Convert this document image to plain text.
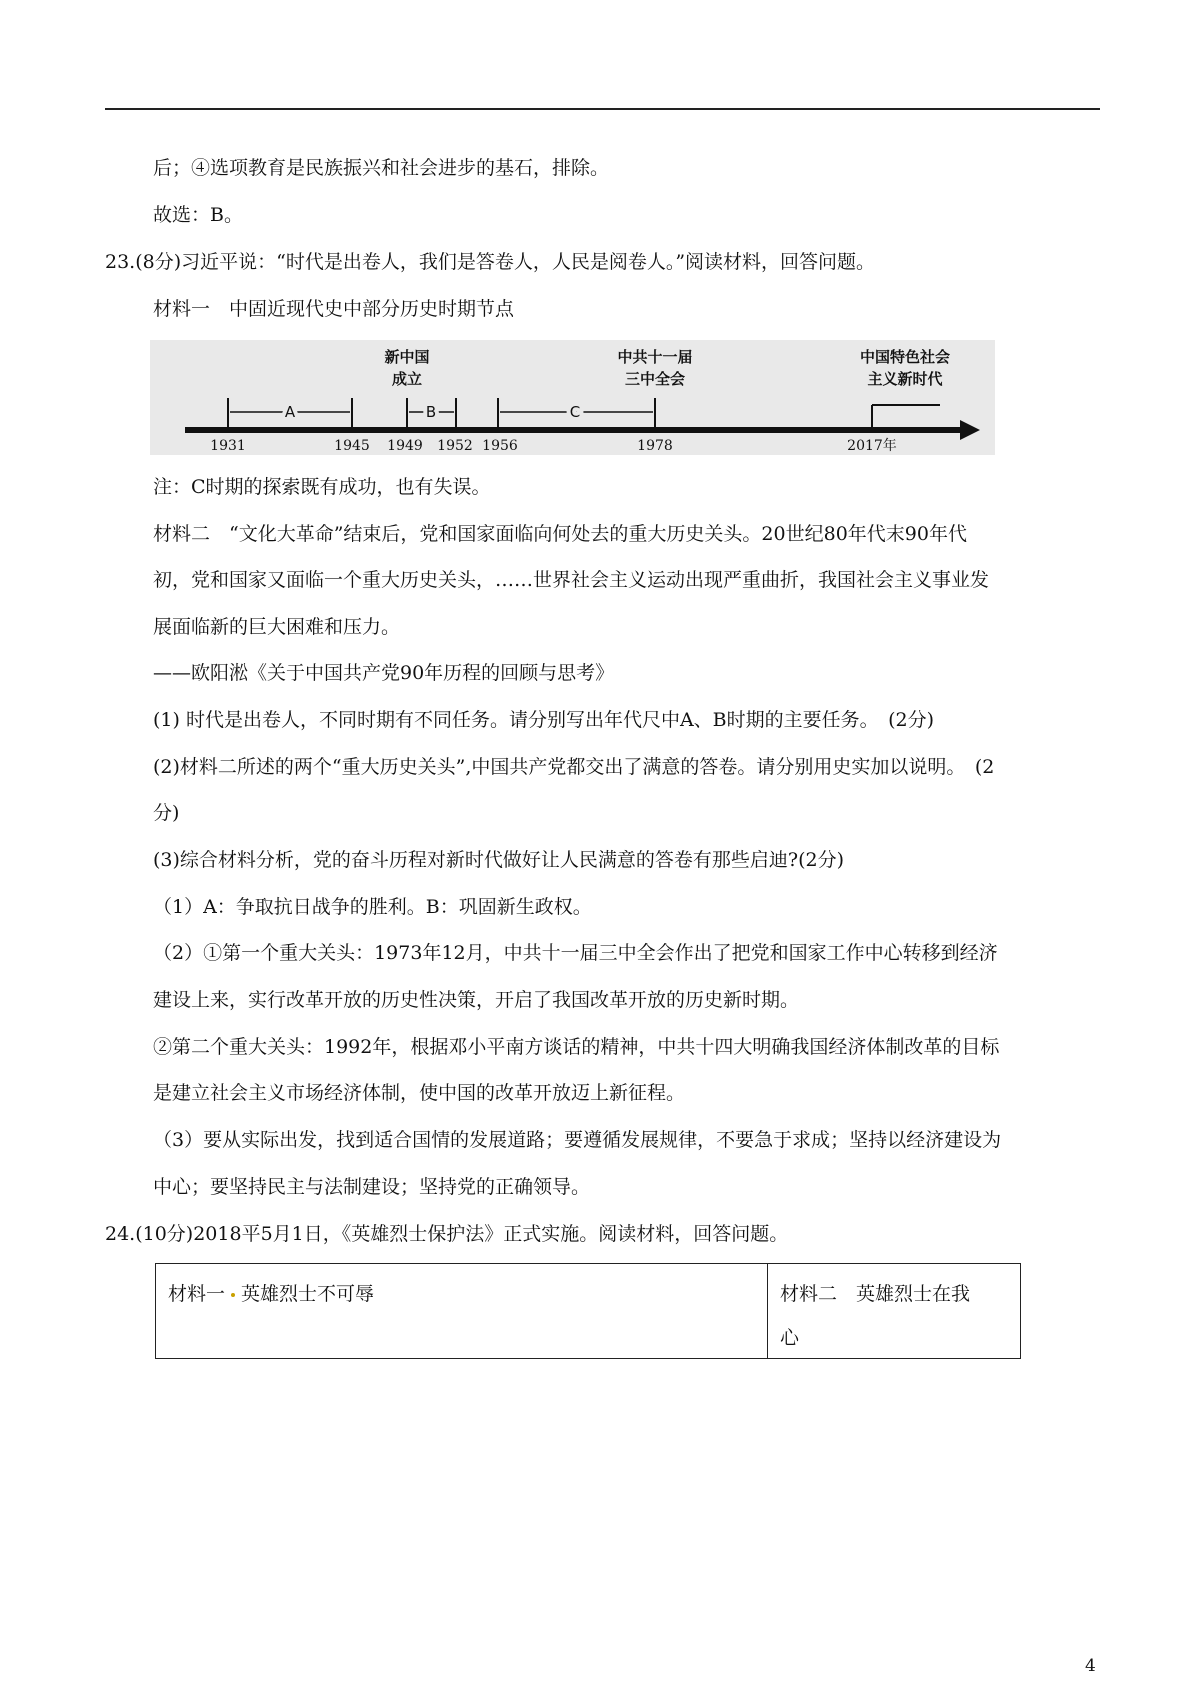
后；④选项教育是民族振兴和社会进步的基石，排除。
故选：B。
23.(8分)习近平说：“时代是出卷人，我们是答卷人，人民是阅卷人。”阅读材料，回答问题。
材料一　中固近现代史中部分历史时期节点
A	B	C
新中国
成立
中共十一届
三中全会
中国特色社会
主义新时代
1931	1945 1949 1952 1956	1978	2017年
注：C时期的探索既有成功，也有失误。
材料二　“文化大革命”结束后，党和国家面临向何处去的重大历史关头。20世纪80年代末90年代
初，党和国家又面临一个重大历史关头，……世界社会主义运动出现严重曲折，我国社会主义事业发
展面临新的巨大困难和压力。
——欧阳淞《关于中国共产党90年历程的回顾与思考》
(1) 时代是出卷人，不同时期有不同任务。请分别写出年代尺中A、B时期的主要任务。　(2分)
(2)材料二所述的两个“重大历史关头”,中国共产党都交出了满意的答卷。请分别用史实加以说明。　(2
分)
(3)综合材料分析，党的奋斗历程对新时代做好让人民满意的答卷有那些启迪?(2分)
（1）A：争取抗日战争的胜利。B：巩固新生政权。
（2）①第一个重大关头：1973年12月，中共十一届三中全会作出了把党和国家工作中心转移到经济
建设上来，实行改革开放的历史性决策，开启了我国改革开放的历史新时期。
②第二个重大关头：1992年，根据邓小平南方谈话的精神，中共十四大明确我国经济体制改革的目标
是建立社会主义市场经济体制，使中国的改革开放迈上新征程。
（3）要从实际出发，找到适合国情的发展道路；要遵循发展规律，不要急于求成；坚持以经济建设为
中心；要坚持民主与法制建设；坚持党的正确领导。
24.(10分)2018平5月1日，《英雄烈士保护法》正式实施。阅读材料，回答问题。
材料一 英雄烈士不可辱	材料二　英雄烈士在我
心
4
